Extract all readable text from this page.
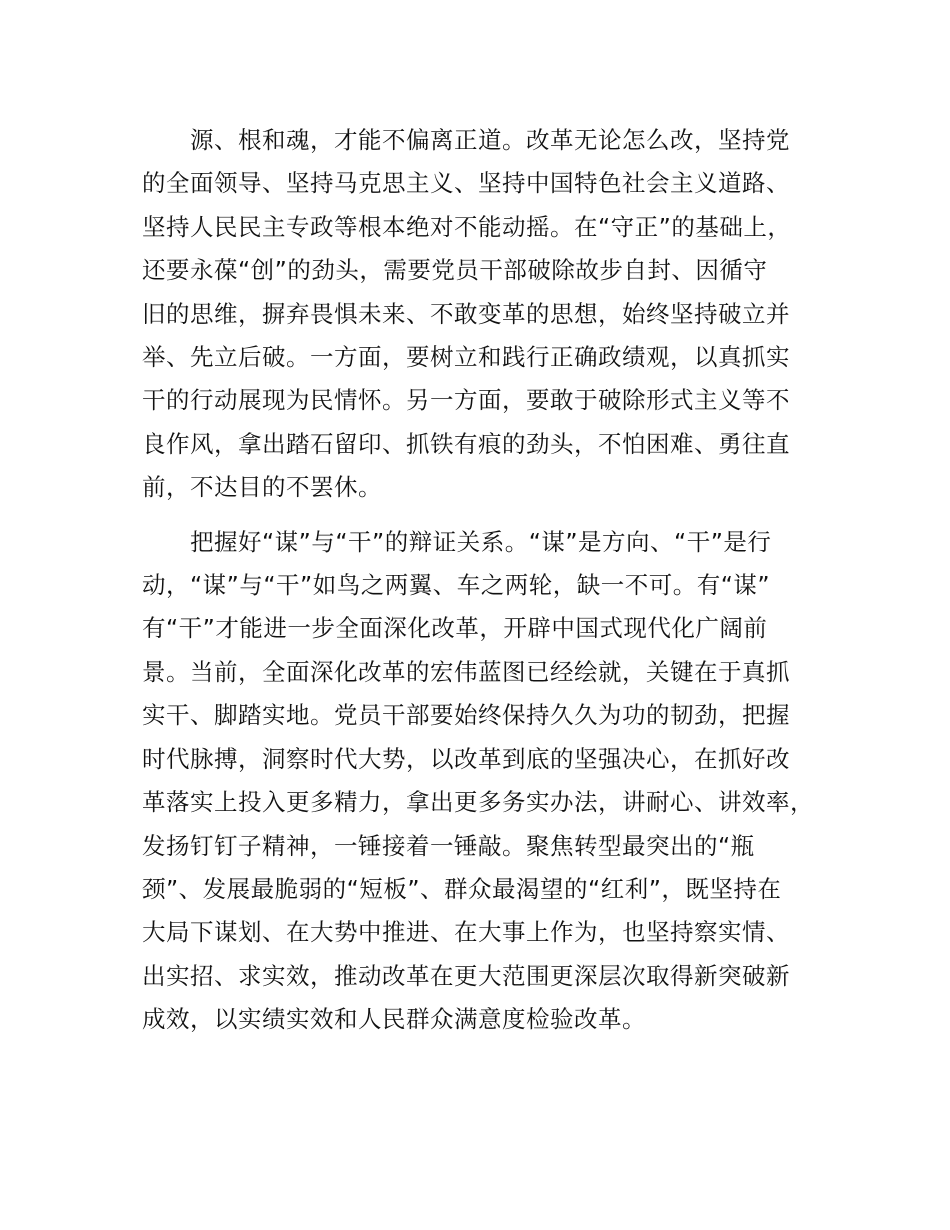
源、根和魂，才能不偏离正道。改革无论怎么改，坚持党
的全面领导、坚持马克思主义、坚持中国特色社会主义道路、
坚持人民民主专政等根本绝对不能动摇。在“守正”的基础上，
还要永葆“创”的劲头，需要党员干部破除故步自封、因循守
旧的思维，摒弃畏惧未来、不敢变革的思想，始终坚持破立并
举、先立后破。一方面，要树立和践行正确政绩观，以真抓实
干的行动展现为民情怀。另一方面，要敢于破除形式主义等不
良作风，拿出踏石留印、抓铁有痕的劲头，不怕困难、勇往直
前，不达目的不罢休。

把握好“谋”与“干”的辩证关系。“谋”是方向、“干”是行
动，“谋”与“干”如鸟之两翼、车之两轮，缺一不可。有“谋”
有“干”才能进一步全面深化改革，开辟中国式现代化广阔前
景。当前，全面深化改革的宏伟蓝图已经绘就，关键在于真抓
实干、脚踏实地。党员干部要始终保持久久为功的韧劲，把握
时代脉搏，洞察时代大势，以改革到底的坚强决心，在抓好改
革落实上投入更多精力，拿出更多务实办法，讲耐心、讲效率，
发扬钉钉子精神，一锤接着一锤敲。聚焦转型最突出的“瓶
颈”、发展最脆弱的“短板”、群众最渴望的“红利”，既坚持在
大局下谋划、在大势中推进、在大事上作为，也坚持察实情、
出实招、求实效，推动改革在更大范围更深层次取得新突破新
成效，以实绩实效和人民群众满意度检验改革。
